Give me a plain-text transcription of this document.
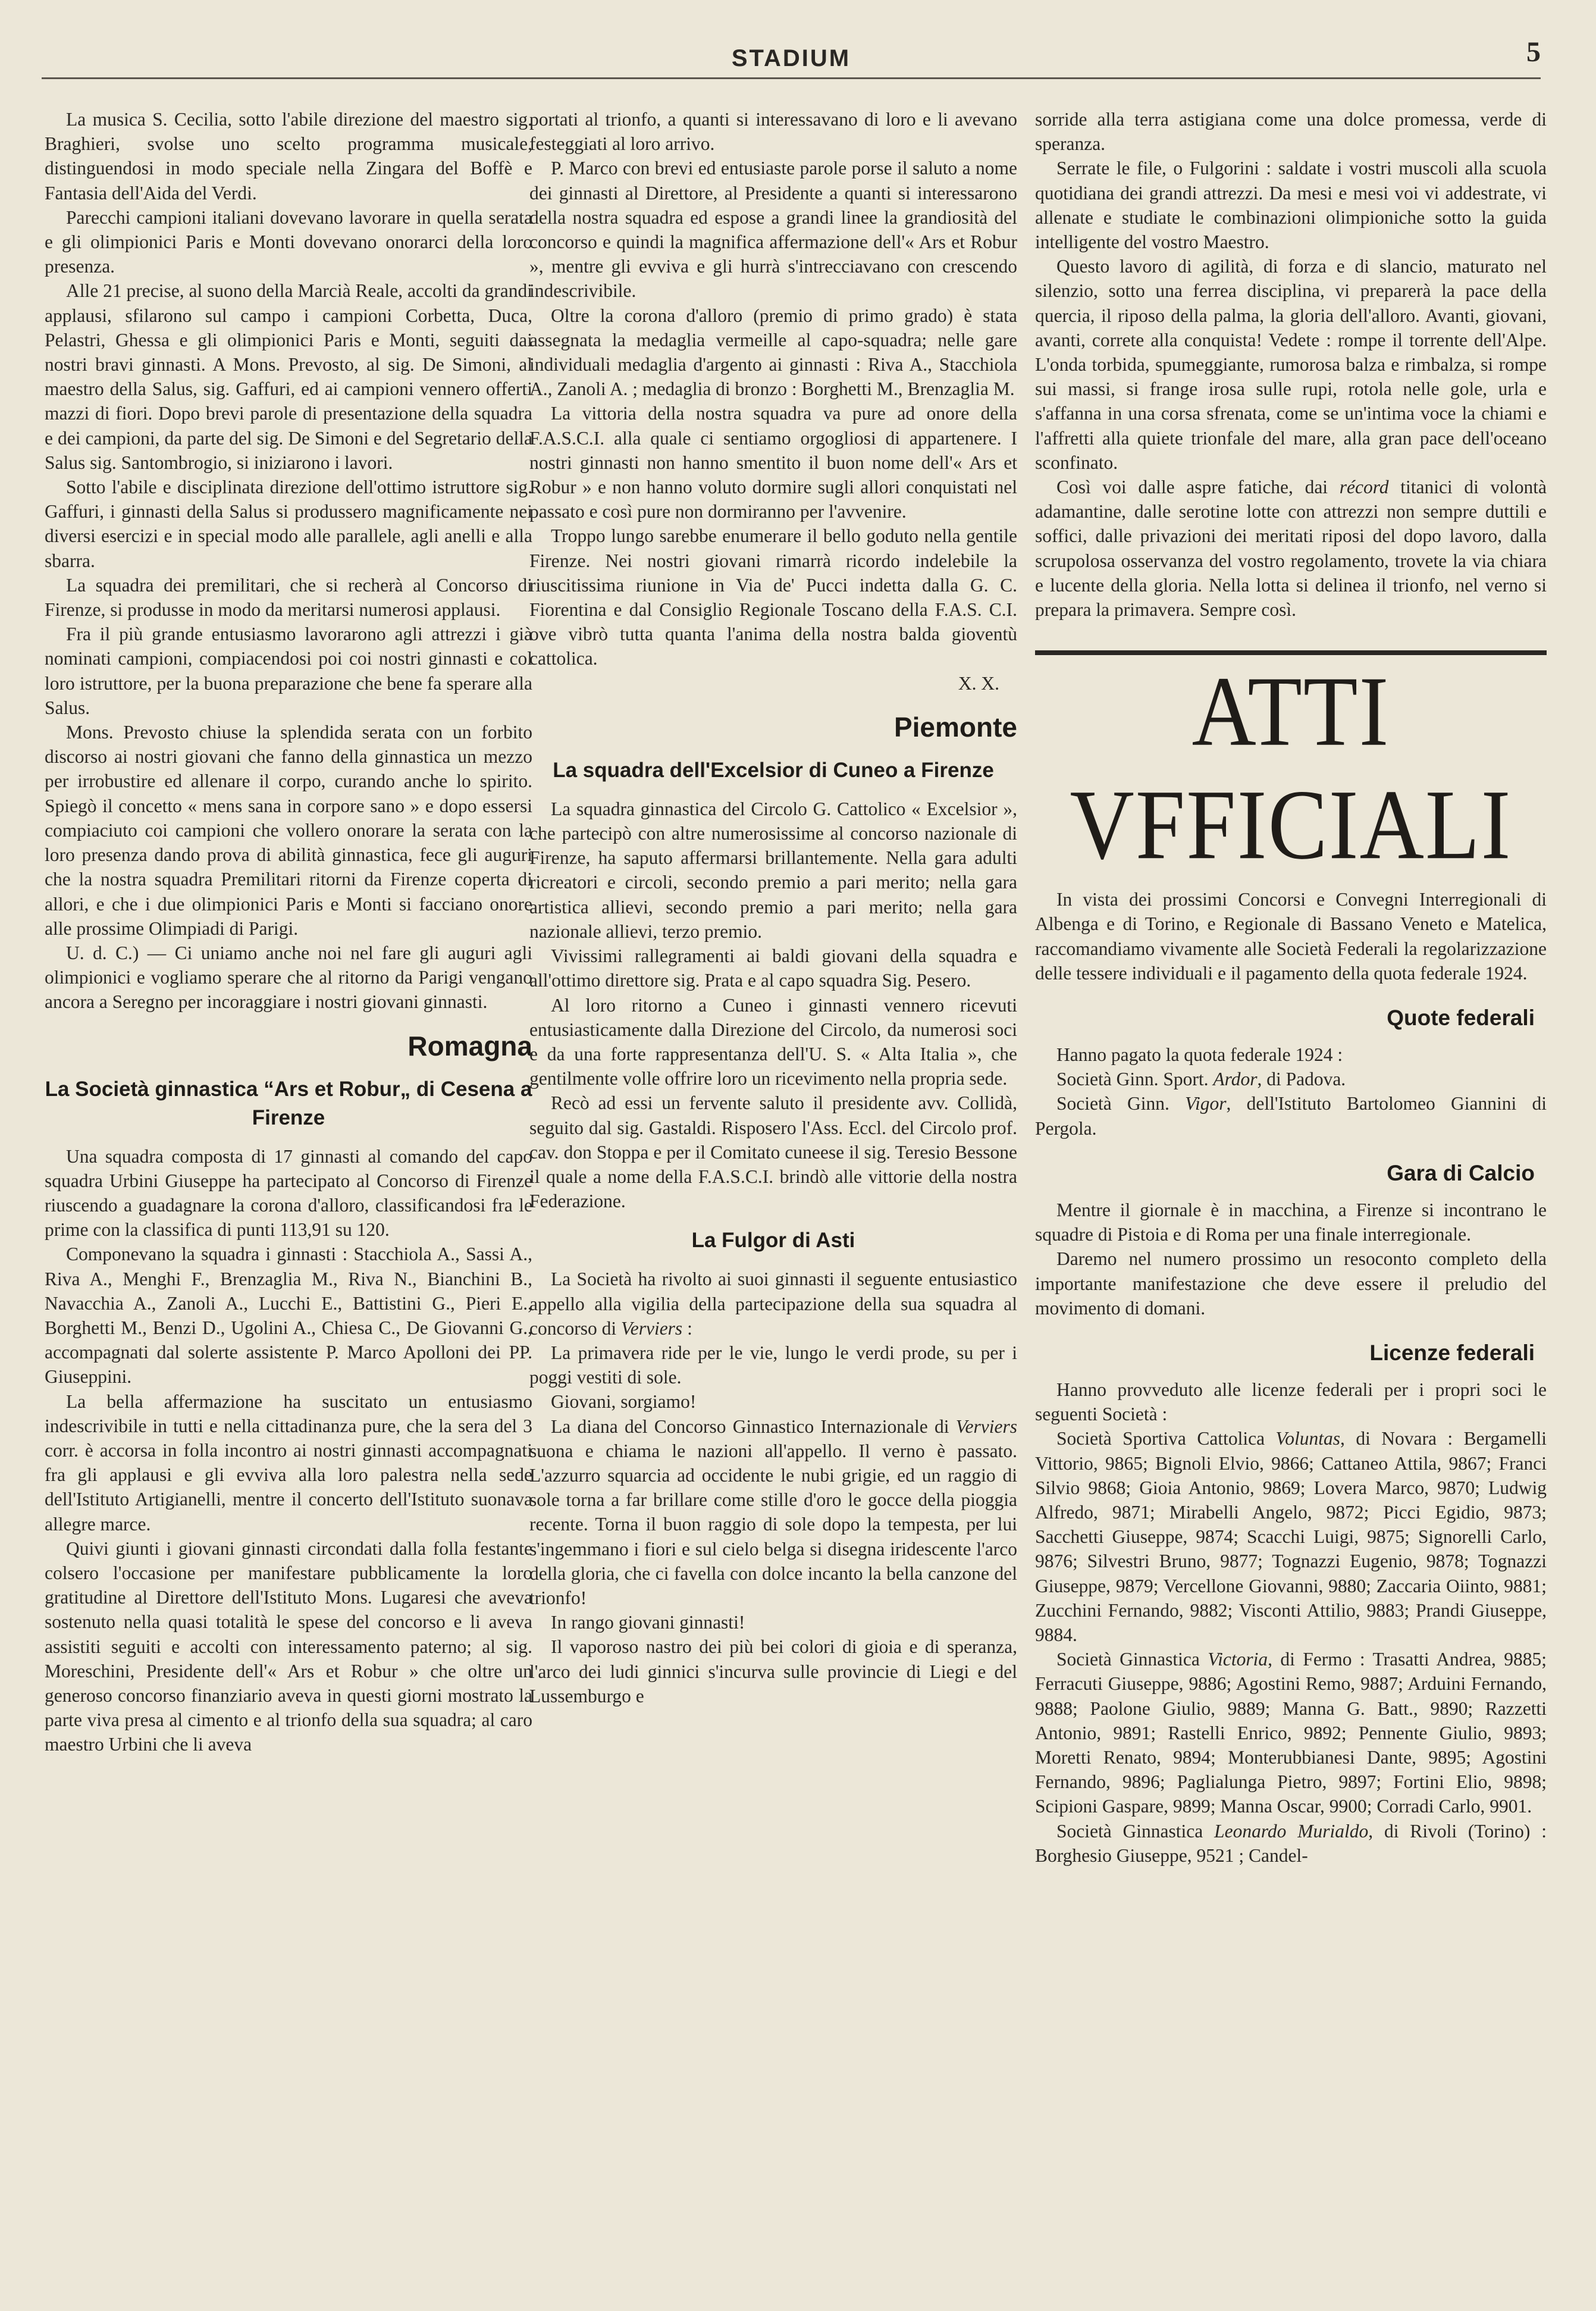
STADIUM	5

La musica S. Cecilia, sotto l'abile direzione del maestro sig. Braghieri, svolse uno scelto programma musicale, distinguendosi in modo speciale nella Zingara del Boffè e Fantasia dell'Aida del Verdi.

Parecchi campioni italiani dovevano lavorare in quella serata e gli olimpionici Paris e Monti dovevano onorarci della loro presenza.

Alle 21 precise, al suono della Marcià Reale, accolti da grandi applausi, sfilarono sul campo i campioni Corbetta, Duca, Pelastri, Ghessa e gli olimpionici Paris e Monti, seguiti dai nostri bravi ginnasti. A Mons. Prevosto, al sig. De Simoni, al maestro della Salus, sig. Gaffuri, ed ai campioni vennero offerti mazzi di fiori. Dopo brevi parole di presentazione della squadra e dei campioni, da parte del sig. De Simoni e del Segretario della Salus sig. Santombrogio, si iniziarono i lavori.

Sotto l'abile e disciplinata direzione dell'ottimo istruttore sig. Gaffuri, i ginnasti della Salus si produssero magnificamente nei diversi esercizi e in special modo alle parallele, agli anelli e alla sbarra.

La squadra dei premilitari, che si recherà al Concorso di Firenze, si produsse in modo da meritarsi numerosi applausi.

Fra il più grande entusiasmo lavorarono agli attrezzi i già nominati campioni, compiacendosi poi coi nostri ginnasti e col loro istruttore, per la buona preparazione che bene fa sperare alla Salus.

Mons. Prevosto chiuse la splendida serata con un forbito discorso ai nostri giovani che fanno della ginnastica un mezzo per irrobustire ed allenare il corpo, curando anche lo spirito. Spiegò il concetto « mens sana in corpore sano » e dopo essersi compiaciuto coi campioni che vollero onorare la serata con la loro presenza dando prova di abilità ginnastica, fece gli auguri che la nostra squadra Premilitari ritorni da Firenze coperta di allori, e che i due olimpionici Paris e Monti si facciano onore alle prossime Olimpiadi di Parigi.

U. d. C.) — Ci uniamo anche noi nel fare gli auguri agli olimpionici e vogliamo sperare che al ritorno da Parigi vengano ancora a Seregno per incoraggiare i nostri giovani ginnasti.

Romagna
La Società ginnastica “Ars et Robur„ di Cesena a Firenze

Una squadra composta di 17 ginnasti al comando del capo squadra Urbini Giuseppe ha partecipato al Concorso di Firenze riuscendo a guadagnare la corona d'alloro, classificandosi fra le prime con la classifica di punti 113,91 su 120.

Componevano la squadra i ginnasti : Stacchiola A., Sassi A., Riva A., Menghi F., Brenzaglia M., Riva N., Bianchini B., Navacchia A., Zanoli A., Lucchi E., Battistini G., Pieri E., Borghetti M., Benzi D., Ugolini A., Chiesa C., De Giovanni G., accompagnati dal solerte assistente P. Marco Apolloni dei PP. Giuseppini.

La bella affermazione ha suscitato un entusiasmo indescrivibile in tutti e nella cittadinanza pure, che la sera del 3 corr. è accorsa in folla incontro ai nostri ginnasti accompagnati fra gli applausi e gli evviva alla loro palestra nella sede dell'Istituto Artigianelli, mentre il concerto dell'Istituto suonava allegre marce.

Quivi giunti i giovani ginnasti circondati dalla folla festante colsero l'occasione per manifestare pubblicamente la loro gratitudine al Direttore dell'Istituto Mons. Lugaresi che aveva sostenuto nella quasi totalità le spese del concorso e li aveva assistiti seguiti e accolti con interessamento paterno; al sig. Moreschini, Presidente dell'« Ars et Robur » che oltre un generoso concorso finanziario aveva in questi giorni mostrato la parte viva presa al cimento e al trionfo della sua squadra; al caro maestro Urbini che li aveva

portati al trionfo, a quanti si interessavano di loro e li avevano festeggiati al loro arrivo.

P. Marco con brevi ed entusiaste parole porse il saluto a nome dei ginnasti al Direttore, al Presidente a quanti si interessarono della nostra squadra ed espose a grandi linee la grandiosità del concorso e quindi la magnifica affermazione dell'« Ars et Robur », mentre gli evviva e gli hurrà s'intrecciavano con crescendo indescrivibile.

Oltre la corona d'alloro (premio di primo grado) è stata assegnata la medaglia vermeille al capo-squadra; nelle gare individuali medaglia d'argento ai ginnasti : Riva A., Stacchiola A., Zanoli A. ; medaglia di bronzo : Borghetti M., Brenzaglia M.

La vittoria della nostra squadra va pure ad onore della F.A.S.C.I. alla quale ci sentiamo orgogliosi di appartenere. I nostri ginnasti non hanno smentito il buon nome dell'« Ars et Robur » e non hanno voluto dormire sugli allori conquistati nel passato e così pure non dormiranno per l'avvenire.

Troppo lungo sarebbe enumerare il bello goduto nella gentile Firenze. Nei nostri giovani rimarrà ricordo indelebile la riuscitissima riunione in Via de' Pucci indetta dalla G. C. Fiorentina e dal Consiglio Regionale Toscano della F.A.S. C.I. ove vibrò tutta quanta l'anima della nostra balda gioventù cattolica.

X. X.

Piemonte
La squadra dell'Excelsior di Cuneo a Firenze

La squadra ginnastica del Circolo G. Cattolico « Excelsior », che partecipò con altre numerosissime al concorso nazionale di Firenze, ha saputo affermarsi brillantemente. Nella gara adulti ricreatori e circoli, secondo premio a pari merito; nella gara artistica allievi, secondo premio a pari merito; nella gara nazionale allievi, terzo premio.

Vivissimi rallegramenti ai baldi giovani della squadra e all'ottimo direttore sig. Prata e al capo squadra Sig. Pesero.

Al loro ritorno a Cuneo i ginnasti vennero ricevuti entusiasticamente dalla Direzione del Circolo, da numerosi soci e da una forte rappresentanza dell'U. S. « Alta Italia », che gentilmente volle offrire loro un ricevimento nella propria sede.

Recò ad essi un fervente saluto il presidente avv. Collidà, seguito dal sig. Gastaldi. Risposero l'Ass. Eccl. del Circolo prof. cav. don Stoppa e per il Comitato cuneese il sig. Teresio Bessone il quale a nome della F.A.S.C.I. brindò alle vittorie della nostra Federazione.

La Fulgor di Asti

La Società ha rivolto ai suoi ginnasti il seguente entusiastico appello alla vigilia della partecipazione della sua squadra al concorso di Verviers :

La primavera ride per le vie, lungo le verdi prode, su per i poggi vestiti di sole.

Giovani, sorgiamo!

La diana del Concorso Ginnastico Internazionale di Verviers suona e chiama le nazioni all'appello. Il verno è passato. L'azzurro squarcia ad occidente le nubi grigie, ed un raggio di sole torna a far brillare come stille d'oro le gocce della pioggia recente. Torna il buon raggio di sole dopo la tempesta, per lui s'ingemmano i fiori e sul cielo belga si disegna iridescente l'arco della gloria, che ci favella con dolce incanto la bella canzone del trionfo!

In rango giovani ginnasti!

Il vaporoso nastro dei più bei colori di gioia e di speranza, l'arco dei ludi ginnici s'incurva sulle provincie di Liegi e del Lussemburgo e

sorride alla terra astigiana come una dolce promessa, verde di speranza.

Serrate le file, o Fulgorini : saldate i vostri muscoli alla scuola quotidiana dei grandi attrezzi. Da mesi e mesi voi vi addestrate, vi allenate e studiate le combinazioni olimpioniche sotto la guida intelligente del vostro Maestro.

Questo lavoro di agilità, di forza e di slancio, maturato nel silenzio, sotto una ferrea disciplina, vi preparerà la pace della quercia, il riposo della palma, la gloria dell'alloro. Avanti, giovani, avanti, correte alla conquista! Vedete : rompe il torrente dell'Alpe. L'onda torbida, spumeggiante, rumorosa balza e rimbalza, si rompe sui massi, si frange irosa sulle rupi, rotola nelle gole, urla e s'affanna in una corsa sfrenata, come se un'intima voce la chiami e l'affretti alla quiete trionfale del mare, alla gran pace dell'oceano sconfinato.

Così voi dalle aspre fatiche, dai récord titanici di volontà adamantine, dalle serotine lotte con attrezzi non sempre duttili e soffici, dalle privazioni dei meritati riposi del dopo lavoro, dalla scrupolosa osservanza del vostro regolamento, trovete la via chiara e lucente della gloria. Nella lotta si delinea il trionfo, nel verno si prepara la primavera. Sempre così.

ATTI VFFICIALI

In vista dei prossimi Concorsi e Convegni Interregionali di Albenga e di Torino, e Regionale di Bassano Veneto e Matelica, raccomandiamo vivamente alle Società Federali la regolarizzazione delle tessere individuali e il pagamento della quota federale 1924.

Quote federali

Hanno pagato la quota federale 1924 :

Società Ginn. Sport. Ardor, di Padova.

Società Ginn. Vigor, dell'Istituto Bartolomeo Giannini di Pergola.

Gara di Calcio

Mentre il giornale è in macchina, a Firenze si incontrano le squadre di Pistoia e di Roma per una finale interregionale.

Daremo nel numero prossimo un resoconto completo della importante manifestazione che deve essere il preludio del movimento di domani.

Licenze federali

Hanno provveduto alle licenze federali per i propri soci le seguenti Società :

Società Sportiva Cattolica Voluntas, di Novara : Bergamelli Vittorio, 9865; Bignoli Elvio, 9866; Cattaneo Attila, 9867; Franci Silvio 9868; Gioia Antonio, 9869; Lovera Marco, 9870; Ludwig Alfredo, 9871; Mirabelli Angelo, 9872; Picci Egidio, 9873; Sacchetti Giuseppe, 9874; Scacchi Luigi, 9875; Signorelli Carlo, 9876; Silvestri Bruno, 9877; Tognazzi Eugenio, 9878; Tognazzi Giuseppe, 9879; Vercellone Giovanni, 9880; Zaccaria Oiinto, 9881; Zucchini Fernando, 9882; Visconti Attilio, 9883; Prandi Giuseppe, 9884.

Società Ginnastica Victoria, di Fermo : Trasatti Andrea, 9885; Ferracuti Giuseppe, 9886; Agostini Remo, 9887; Arduini Fernando, 9888; Paolone Giulio, 9889; Manna G. Batt., 9890; Razzetti Antonio, 9891; Rastelli Enrico, 9892; Pennente Giulio, 9893; Moretti Renato, 9894; Monterubbianesi Dante, 9895; Agostini Fernando, 9896; Paglialunga Pietro, 9897; Fortini Elio, 9898; Scipioni Gaspare, 9899; Manna Oscar, 9900; Corradi Carlo, 9901.

Società Ginnastica Leonardo Murialdo, di Rivoli (Torino) : Borghesio Giuseppe, 9521 ; Candel-
